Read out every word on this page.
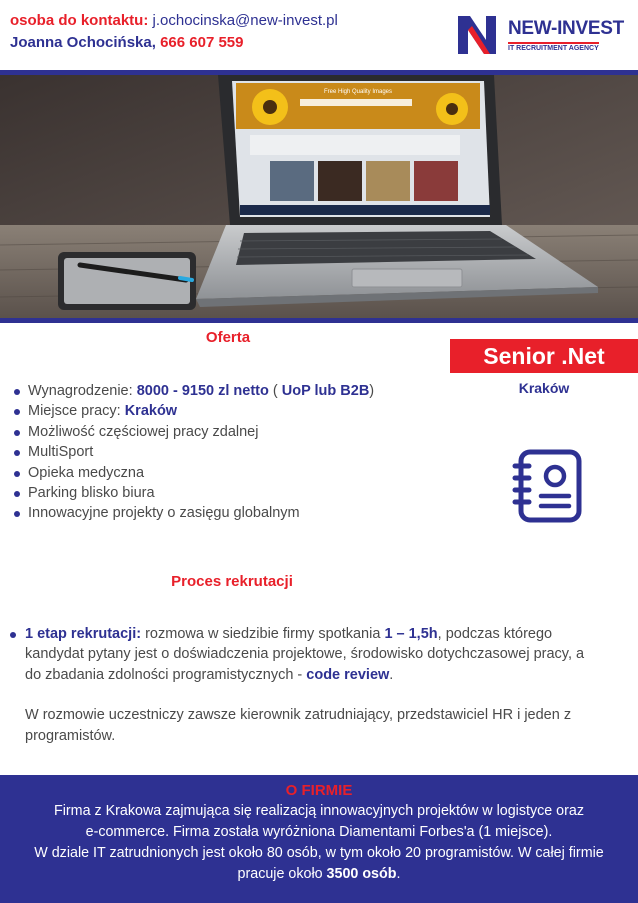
osoba do kontaktu: j.ochocinska@new-invest.pl
Joanna Ochocińska, 666 607 559
NEW-INVEST
IT RECRUITMENT AGENCY
Free High Quality Images
Oferta
Senior .Net
Kraków
Wynagrodzenie: 8000 - 9150 zl netto ( UoP lub B2B)
Miejsce pracy: Kraków
Możliwość częściowej pracy zdalnej
MultiSport
Opieka medyczna
Parking blisko biura
Innowacyjne projekty o zasięgu globalnym
Proces rekrutacji
1 etap rekrutacji: rozmowa w siedzibie firmy spotkania 1 – 1,5h, podczas którego kandydat pytany jest o doświadczenia projektowe, środowisko dotychczasowej pracy, a do zbadania zdolności programistycznych - code review.
W rozmowie uczestniczy zawsze kierownik zatrudniający, przedstawiciel HR i jeden z programistów.
O FIRMIE

Firma z Krakowa zajmująca się realizacją innowacyjnych projektów w logistyce oraz

e-commerce. Firma została wyróżniona Diamentami Forbes'a (1 miejsce).

W dziale IT zatrudnionych jest około 80 osób, w tym około 20 programistów. W całej firmie

pracuje około 3500 osób.
